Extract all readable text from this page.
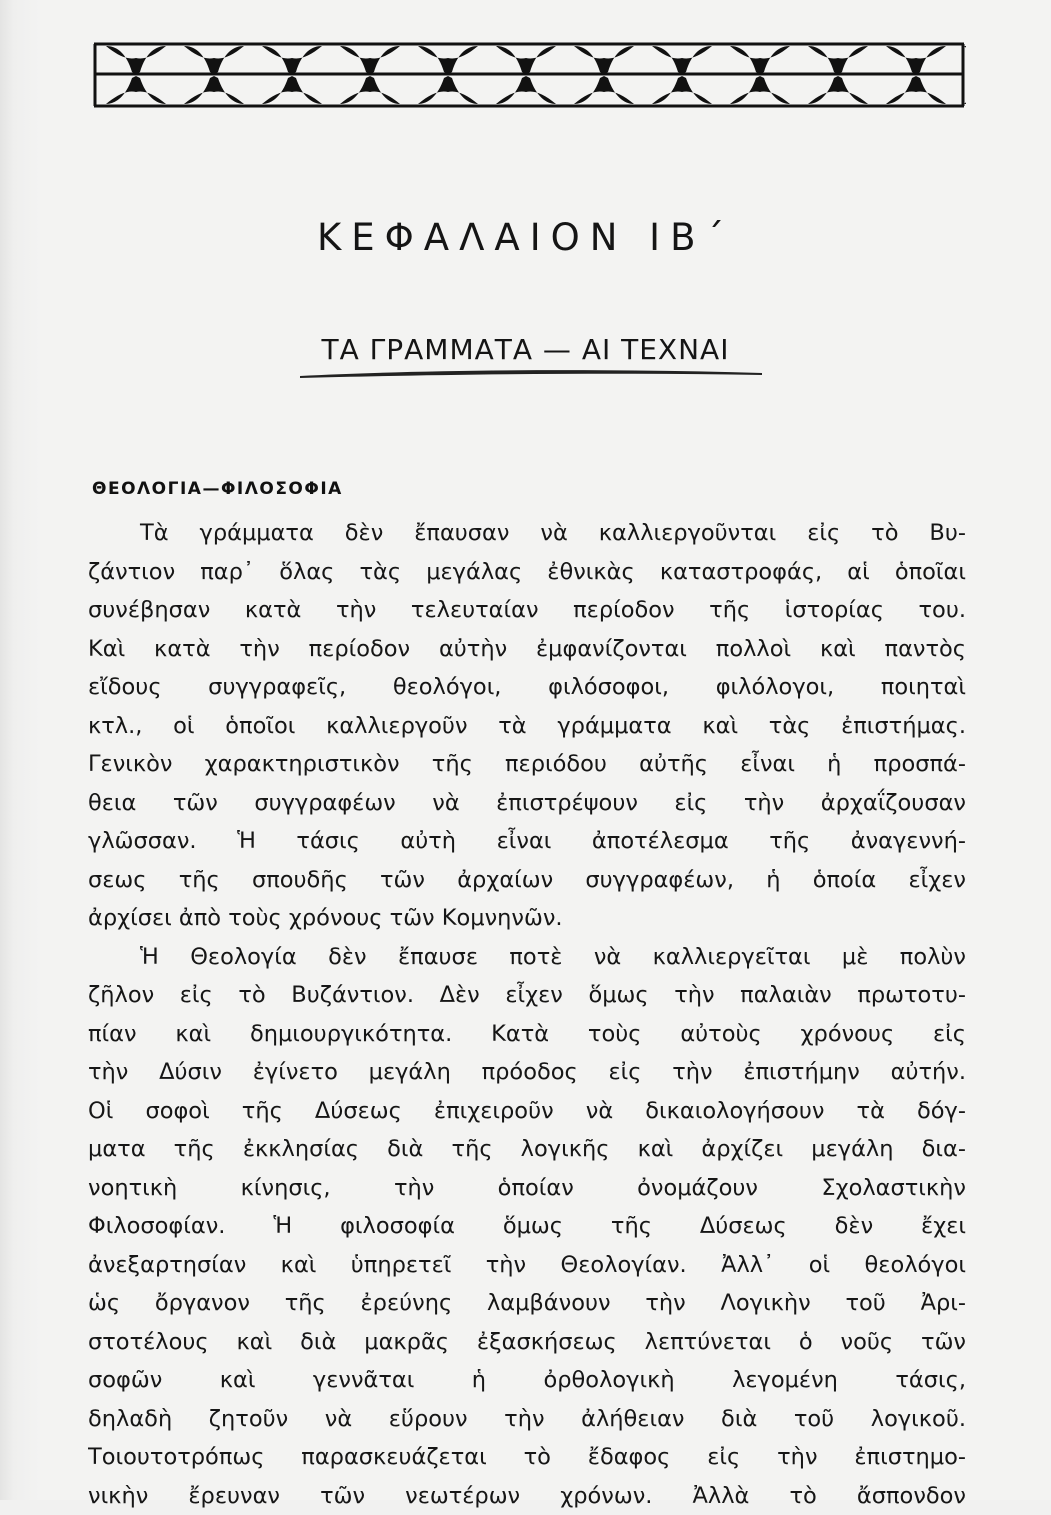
ΚΕΦΑΛΑΙΟΝ ΙΒ΄
ΤΑ ΓΡΑΜΜΑΤΑ — ΑΙ ΤΕΧΝΑΙ
ΘΕΟΛΟΓΙΑ—ΦΙΛΟΣΟΦΙΑ
Τὰ γράμματα δὲν ἔπαυσαν νὰ καλλιεργοῦνται εἰς τὸ Βυ-
ζάντιον παρ᾽ ὅλας τὰς μεγάλας ἐθνικὰς καταστροφάς, αἱ ὁποῖαι
συνέβησαν κατὰ τὴν τελευταίαν περίοδον τῆς ἱστορίας του.
Καὶ κατὰ τὴν περίοδον αὐτὴν ἐμφανίζονται πολλοὶ καὶ παντὸς
εἴδους συγγραφεῖς, θεολόγοι, φιλόσοφοι, φιλόλογοι, ποιηταὶ
κτλ., οἱ ὁποῖοι καλλιεργοῦν τὰ γράμματα καὶ τὰς ἐπιστήμας.
Γενικὸν χαρακτηριστικὸν τῆς περιόδου αὐτῆς εἶναι ἡ προσπά-
θεια τῶν συγγραφέων νὰ ἐπιστρέψουν εἰς τὴν ἀρχαΐζουσαν
γλῶσσαν. Ἡ τάσις αὐτὴ εἶναι ἀποτέλεσμα τῆς ἀναγεννή-
σεως τῆς σπουδῆς τῶν ἀρχαίων συγγραφέων, ἡ ὁποία εἶχεν
ἀρχίσει ἀπὸ τοὺς χρόνους τῶν Κομνηνῶν.
Ἡ Θεολογία δὲν ἔπαυσε ποτὲ νὰ καλλιεργεῖται μὲ πολὺν
ζῆλον εἰς τὸ Βυζάντιον. Δὲν εἶχεν ὅμως τὴν παλαιὰν πρωτοτυ-
πίαν καὶ δημιουργικότητα. Κατὰ τοὺς αὐτοὺς χρόνους εἰς
τὴν Δύσιν ἐγίνετο μεγάλη πρόοδος εἰς τὴν ἐπιστήμην αὐτήν.
Οἱ σοφοὶ τῆς Δύσεως ἐπιχειροῦν νὰ δικαιολογήσουν τὰ δόγ-
ματα τῆς ἐκκλησίας διὰ τῆς λογικῆς καὶ ἀρχίζει μεγάλη δια-
νοητικὴ κίνησις, τὴν ὁποίαν ὀνομάζουν Σχολαστικὴν
Φιλοσοφίαν. Ἡ φιλοσοφία ὅμως τῆς Δύσεως δὲν ἔχει
ἀνεξαρτησίαν καὶ ὑπηρετεῖ τὴν Θεολογίαν. Ἀλλ᾽ οἱ θεολόγοι
ὡς ὄργανον τῆς ἐρεύνης λαμβάνουν τὴν Λογικὴν τοῦ Ἀρι-
στοτέλους καὶ διὰ μακρᾶς ἐξασκήσεως λεπτύνεται ὁ νοῦς τῶν
σοφῶν καὶ γεννᾶται ἡ ὀρθολογικὴ λεγομένη τάσις,
δηλαδὴ ζητοῦν νὰ εὕρουν τὴν ἀλήθειαν διὰ τοῦ λογικοῦ.
Τοιουτοτρόπως παρασκευάζεται τὸ ἔδαφος εἰς τὴν ἐπιστημο-
νικὴν ἔρευναν τῶν νεωτέρων χρόνων. Ἀλλὰ τὸ ἄσπονδον
